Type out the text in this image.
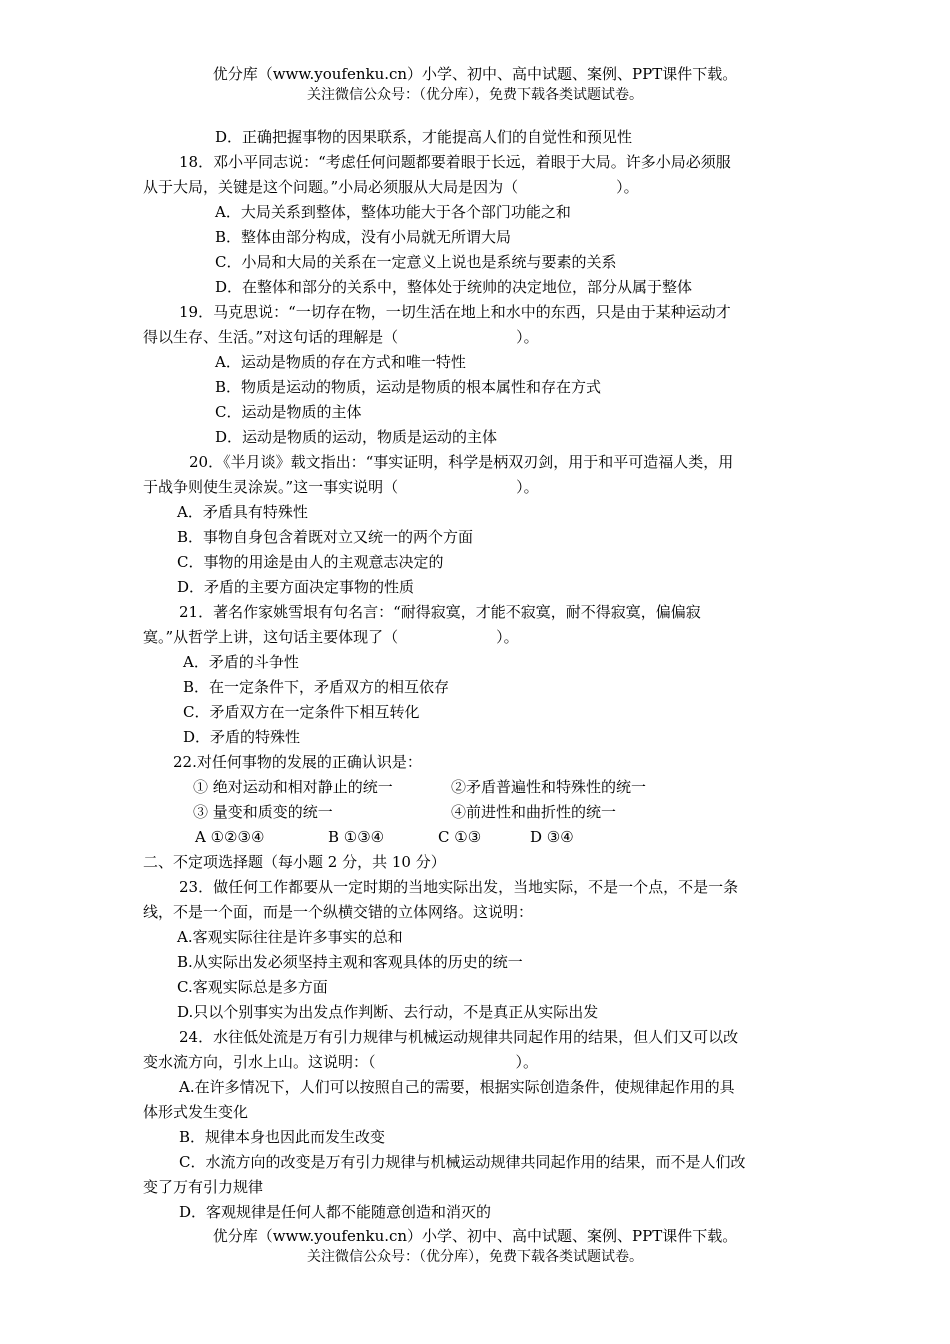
优分库（www.youfenku.cn）小学、初中、高中试题、案例、PPT课件下载。
关注微信公众号：（优分库），免费下载各类试题试卷。
D．正确把握事物的因果联系，才能提高人们的自觉性和预见性
18．邓小平同志说：“考虑任何问题都要着眼于长远，着眼于大局。许多小局必须服
从于大局，关键是这个问题。”小局必须服从大局是因为（	）。
A．大局关系到整体，整体功能大于各个部门功能之和
B．整体由部分构成，没有小局就无所谓大局
C．小局和大局的关系在一定意义上说也是系统与要素的关系
D．在整体和部分的关系中，整体处于统帅的决定地位，部分从属于整体
19．马克思说：“一切存在物，一切生活在地上和水中的东西，只是由于某种运动才
得以生存、生活。”对这句话的理解是（	）。
A．运动是物质的存在方式和唯一特性
B．物质是运动的物质，运动是物质的根本属性和存在方式
C．运动是物质的主体
D．运动是物质的运动，物质是运动的主体
20．《半月谈》载文指出：“事实证明，科学是柄双刃剑，用于和平可造福人类，用
于战争则使生灵涂炭。”这一事实说明（	）。
A．矛盾具有特殊性
B．事物自身包含着既对立又统一的两个方面
C．事物的用途是由人的主观意志决定的
D．矛盾的主要方面决定事物的性质
21．著名作家姚雪垠有句名言：“耐得寂寞，才能不寂寞，耐不得寂寞，偏偏寂
寞。”从哲学上讲，这句话主要体现了（	）。
A．矛盾的斗争性
B．在一定条件下，矛盾双方的相互依存
C．矛盾双方在一定条件下相互转化
D．矛盾的特殊性
22.对任何事物的发展的正确认识是：
① 绝对运动和相对静止的统一	②矛盾普遍性和特殊性的统一
③ 量变和质变的统一	④前进性和曲折性的统一
A ①②③④	B ①③④	C ①③	D ③④
二、不定项选择题（每小题 2 分，共 10 分）
23．做任何工作都要从一定时期的当地实际出发，当地实际，不是一个点，不是一条
线，不是一个面，而是一个纵横交错的立体网络。这说明：
A.客观实际往往是许多事实的总和
B.从实际出发必须坚持主观和客观具体的历史的统一
C.客观实际总是多方面
D.只以个别事实为出发点作判断、去行动，不是真正从实际出发
24．水往低处流是万有引力规律与机械运动规律共同起作用的结果，但人们又可以改
变水流方向，引水上山。这说明：（	）。
A.在许多情况下，人们可以按照自己的需要，根据实际创造条件，使规律起作用的具
体形式发生变化
B．规律本身也因此而发生改变
C．水流方向的改变是万有引力规律与机械运动规律共同起作用的结果，而不是人们改
变了万有引力规律
D．客观规律是任何人都不能随意创造和消灭的
优分库（www.youfenku.cn）小学、初中、高中试题、案例、PPT课件下载。
关注微信公众号：（优分库），免费下载各类试题试卷。
